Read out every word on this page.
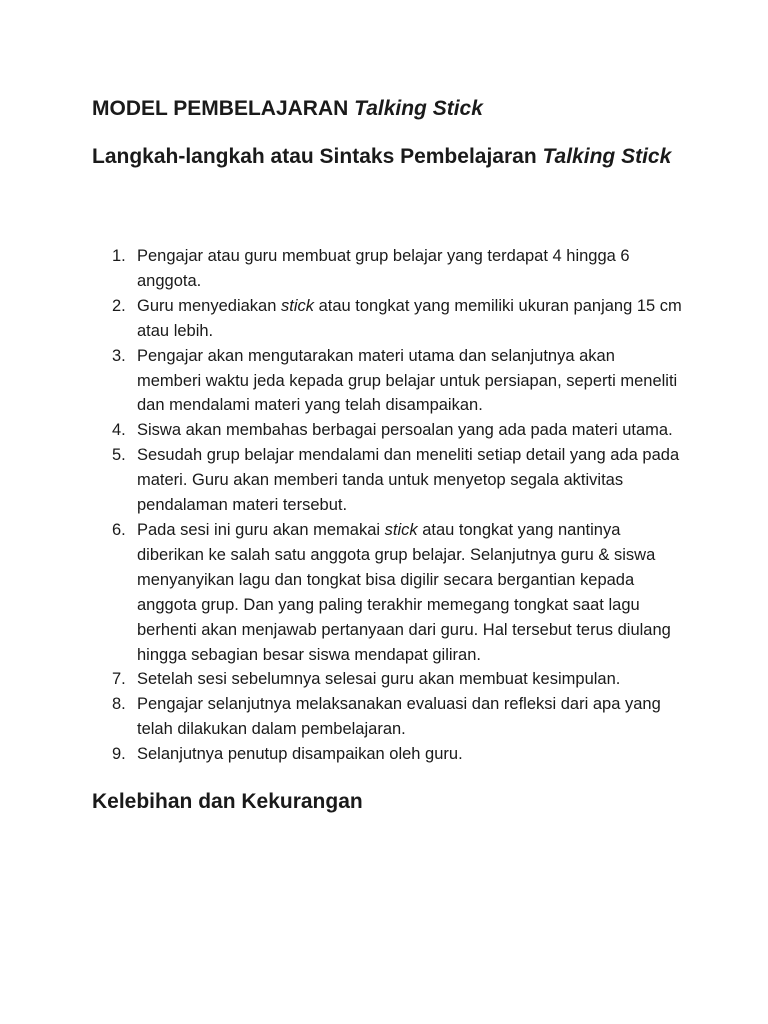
MODEL PEMBELAJARAN Talking Stick
Langkah-langkah atau Sintaks Pembelajaran Talking Stick
1. Pengajar atau guru membuat grup belajar yang terdapat 4 hingga 6 anggota.
2. Guru menyediakan stick atau tongkat yang memiliki ukuran panjang 15 cm atau lebih.
3. Pengajar akan mengutarakan materi utama dan selanjutnya akan memberi waktu jeda kepada grup belajar untuk persiapan, seperti meneliti dan mendalami materi yang telah disampaikan.
4. Siswa akan membahas berbagai persoalan yang ada pada materi utama.
5. Sesudah grup belajar mendalami dan meneliti setiap detail yang ada pada materi. Guru akan memberi tanda untuk menyetop segala aktivitas pendalaman materi tersebut.
6. Pada sesi ini guru akan memakai stick atau tongkat yang nantinya diberikan ke salah satu anggota grup belajar. Selanjutnya guru & siswa menyanyikan lagu dan tongkat bisa digilir secara bergantian kepada anggota grup. Dan yang paling terakhir memegang tongkat saat lagu berhenti akan menjawab pertanyaan dari guru. Hal tersebut terus diulang hingga sebagian besar siswa mendapat giliran.
7. Setelah sesi sebelumnya selesai guru akan membuat kesimpulan.
8. Pengajar selanjutnya melaksanakan evaluasi dan refleksi dari apa yang telah dilakukan dalam pembelajaran.
9. Selanjutnya penutup disampaikan oleh guru.
Kelebihan dan Kekurangan
